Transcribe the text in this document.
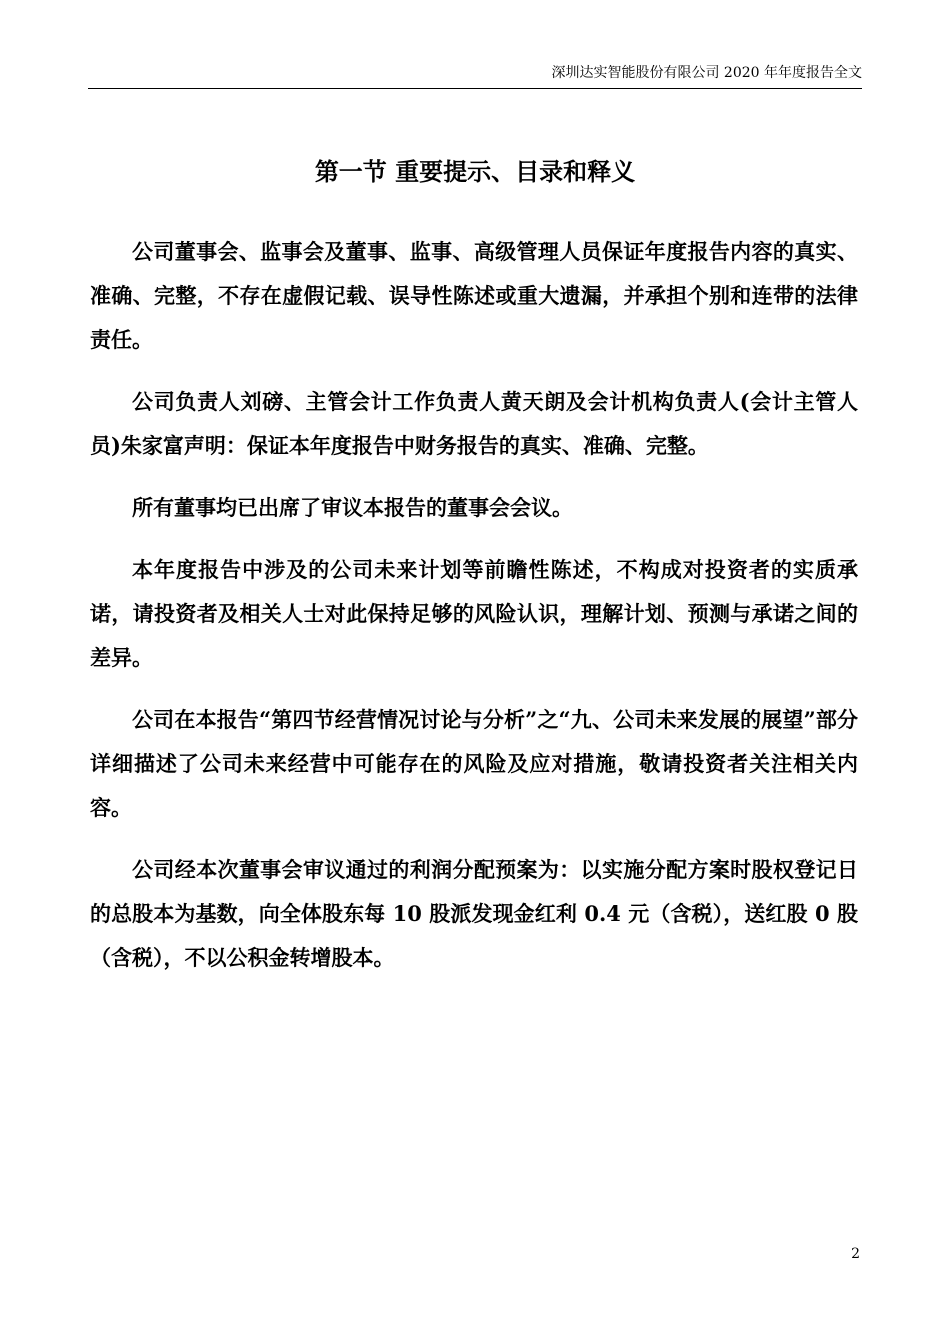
深圳达实智能股份有限公司 2020 年年度报告全文
第一节 重要提示、目录和释义

公司董事会、监事会及董事、监事、高级管理人员保证年度报告内容的真实、准确、完整，不存在虚假记载、误导性陈述或重大遗漏，并承担个别和连带的法律责任。

公司负责人刘磅、主管会计工作负责人黄天朗及会计机构负责人(会计主管人员)朱家富声明：保证本年度报告中财务报告的真实、准确、完整。

所有董事均已出席了审议本报告的董事会会议。

本年度报告中涉及的公司未来计划等前瞻性陈述，不构成对投资者的实质承诺，请投资者及相关人士对此保持足够的风险认识，理解计划、预测与承诺之间的差异。

公司在本报告“第四节经营情况讨论与分析”之“九、公司未来发展的展望”部分详细描述了公司未来经营中可能存在的风险及应对措施，敬请投资者关注相关内容。

公司经本次董事会审议通过的利润分配预案为：以实施分配方案时股权登记日的总股本为基数，向全体股东每 10 股派发现金红利 0.4 元（含税），送红股 0 股（含税），不以公积金转增股本。

2
